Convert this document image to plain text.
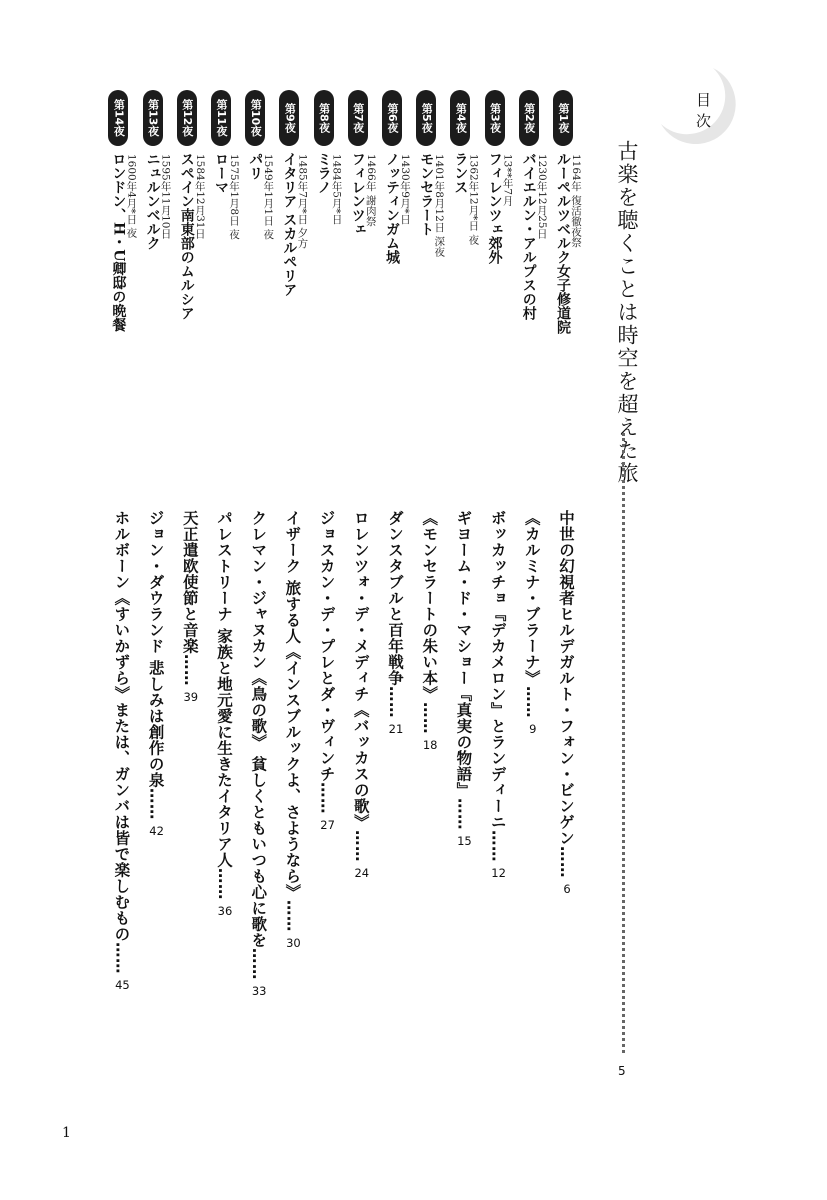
目次
古楽を聴くことは時空を超えた旅
5
第1夜
ルーペルツベルク女子修道院 1164年 復活徹夜祭
第2夜
バイエルン・アルプスの村 1230年12月25日
第3夜
フィレンツェ郊外 13**年7月
第4夜
ランス 1362年12月*日 夜
第5夜
モンセラート 1401年8月12日 深夜
第6夜
ノッティンガム城 1430年9月*日
第7夜
フィレンツェ 1466年 謝肉祭
第8夜
ミラノ 1484年5月*日
第9夜
イタリア スカルペリア 1485年7月*日 夕方
第10夜
パリ 1549年1月1日 夜
第11夜
ローマ 1575年1月8日 夜
第12夜
スペイン南東部のムルシア 1584年12月31日
第13夜
ニュルンベルク 1595年11月10日
第14夜
ロンドン、H・U卿邸の晩餐 1600年4月*日 夜
中世の幻視者ヒルデガルト・フォン・ビンゲン……
6
《カルミナ・ブラーナ》……
9
ボッカッチョ『デカメロン』とランディーニ……
12
ギヨーム・ド・マショー『真実の物語』……
15
《モンセラートの朱い本》……
18
ダンスタブルと百年戦争……
21
ロレンツォ・デ・メディチ《バッカスの歌》……
24
ジョスカン・デ・プレとダ・ヴィンチ……
27
イザーク 旅する人《インスブルックよ、さようなら》……
30
クレマン・ジャヌカン《鳥の歌》 貧しくともいつも心に歌を……
33
パレストリーナ 家族と地元愛に生きたイタリア人……
36
天正遣欧使節と音楽……
39
ジョン・ダウランド 悲しみは創作の泉……
42
ホルボーン《すいかずら》または、ガンバは皆で楽しむもの……
45
1
